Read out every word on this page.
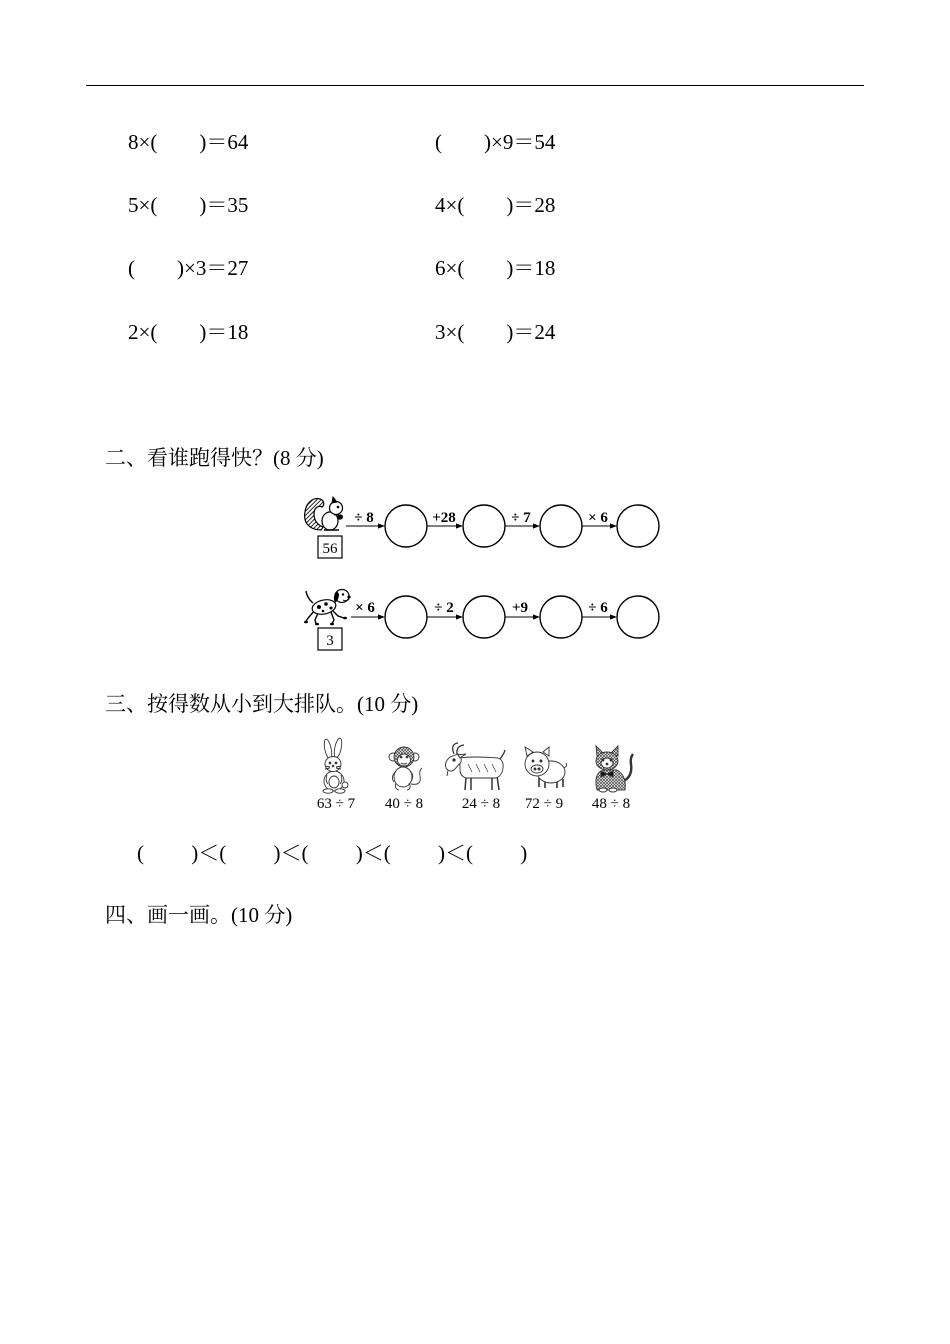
56
÷ 8	+28	÷ 7	× 6
3
× 6	÷ 2	+9	÷ 6
63 ÷ 7 40 ÷ 8	24 ÷ 8 72 ÷ 9 48 ÷ 8
8×(        )＝64	(        )×9＝54
5×(        )＝35	4×(        )＝28
(        )×3＝27	6×(        )＝18
2×(        )＝18	3×(        )＝24
二、看谁跑得快？(8 分)
三、按得数从小到大排队。(10 分)
(         )＜(         )＜(         )＜(         )＜(         )
四、画一画。(10 分)
